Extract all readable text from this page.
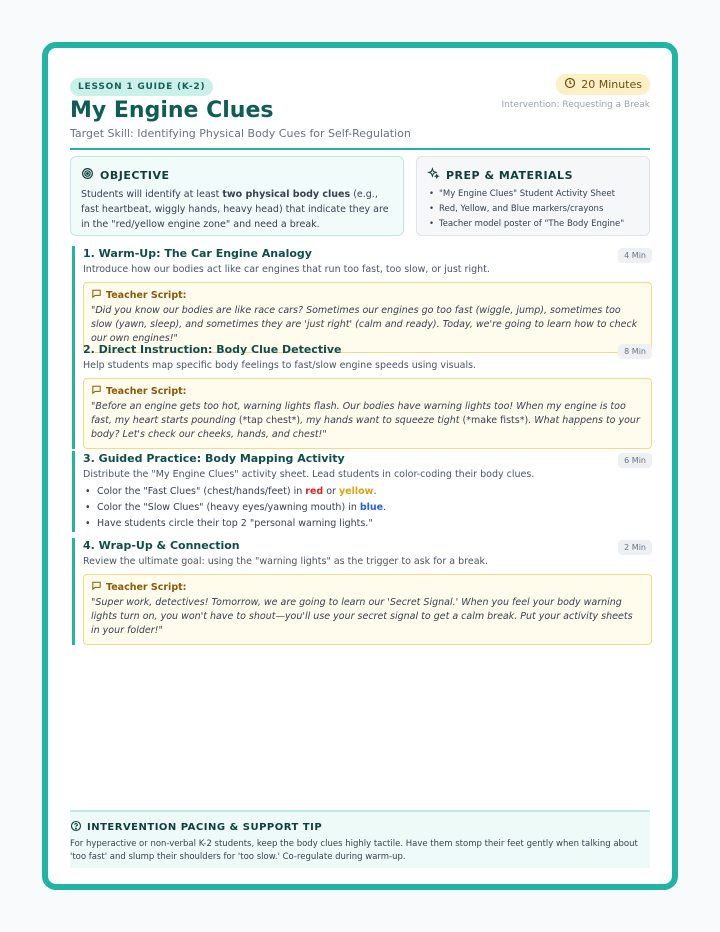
LESSON 1 GUIDE (K-2)
My Engine Clues
Target Skill: Identifying Physical Body Cues for Self-Regulation
20 Minutes
Intervention: Requesting a Break
OBJECTIVE

Students will identify at least two physical body clues (e.g., fast heartbeat, wiggly hands, heavy head) that indicate they are in the "red/yellow engine zone" and need a break.

PREP & MATERIALS
• "My Engine Clues" Student Activity Sheet
• Red, Yellow, and Blue markers/crayons
• Teacher model poster of "The Body Engine"
1. Warm-Up: The Car Engine Analogy	4 Min
Introduce how our bodies act like car engines that run too fast, too slow, or just right.
Teacher Script:
"Did you know our bodies are like race cars? Sometimes our engines go too fast (wiggle, jump), sometimes too slow (yawn, sleep), and sometimes they are 'just right' (calm and ready). Today, we're going to learn how to check our own engines!"
2. Direct Instruction: Body Clue Detective	8 Min
Help students map specific body feelings to fast/slow engine speeds using visuals.
Teacher Script:
"Before an engine gets too hot, warning lights flash. Our bodies have warning lights too! When my engine is too fast, my heart starts pounding (*tap chest*), my hands want to squeeze tight (*make fists*). What happens to your body? Let's check our cheeks, hands, and chest!"
3. Guided Practice: Body Mapping Activity	6 Min
Distribute the "My Engine Clues" activity sheet. Lead students in color-coding their body clues.
• Color the "Fast Clues" (chest/hands/feet) in red or yellow.
• Color the "Slow Clues" (heavy eyes/yawning mouth) in blue.
• Have students circle their top 2 "personal warning lights."
4. Wrap-Up & Connection	2 Min
Review the ultimate goal: using the "warning lights" as the trigger to ask for a break.
Teacher Script:
"Super work, detectives! Tomorrow, we are going to learn our 'Secret Signal.' When you feel your body warning lights turn on, you won't have to shout—you'll use your secret signal to get a calm break. Put your activity sheets in your folder!"
INTERVENTION PACING & SUPPORT TIP
For hyperactive or non-verbal K-2 students, keep the body clues highly tactile. Have them stomp their feet gently when talking about 'too fast' and slump their shoulders for 'too slow.' Co-regulate during warm-up.
